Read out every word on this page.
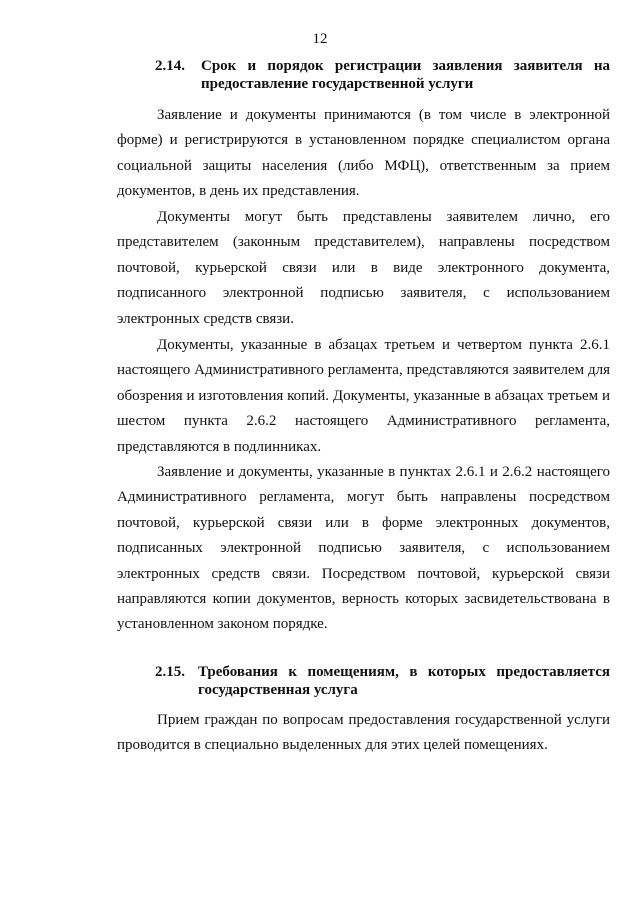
12
2.14.	Срок и порядок регистрации заявления заявителя на
предоставление государственной услуги

Заявление и документы принимаются (в том числе в электронной форме) и регистрируются в установленном порядке специалистом органа социальной защиты населения (либо МФЦ), ответственным за прием документов, в день их представления.

Документы могут быть представлены заявителем лично, его представителем (законным представителем), направлены посредством почтовой, курьерской связи или в виде электронного документа, подписанного электронной подписью заявителя, с использованием электронных средств связи.

Документы, указанные в абзацах третьем и четвертом пункта 2.6.1 настоящего Административного регламента, представляются заявителем для обозрения и изготовления копий. Документы, указанные в абзацах третьем и шестом пункта 2.6.2 настоящего Административного регламента, представляются в подлинниках.

Заявление и документы, указанные в пунктах 2.6.1 и 2.6.2 настоящего Административного регламента, могут быть направлены посредством почтовой, курьерской связи или в форме электронных документов, подписанных электронной подписью заявителя, с использованием электронных средств связи. Посредством почтовой, курьерской связи направляются копии документов, верность которых засвидетельствована в установленном законом порядке.

2.15. Требования к помещениям, в которых предоставляется
государственная услуга

Прием граждан по вопросам предоставления государственной услуги проводится в специально выделенных для этих целей помещениях.
